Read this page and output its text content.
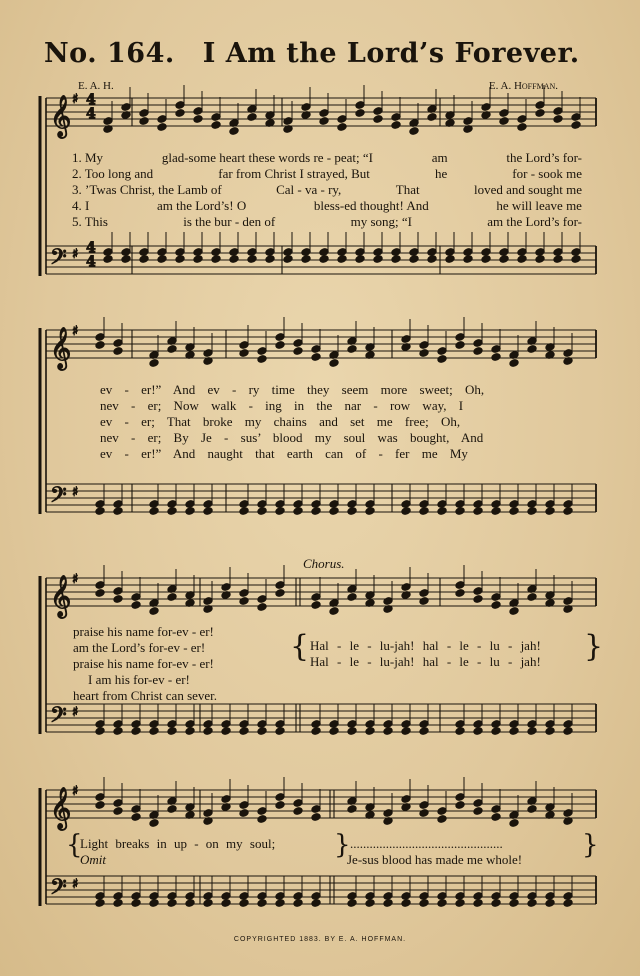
𝄞
𝄢
♯
♯
𝄞
𝄢
♯
♯
𝄞
𝄢
♯
♯
𝄞
𝄢
♯
♯
4
4
4
4
No. 164. I Am the Lord’s Forever.
E. A. H.	E. A. Hoffman.
1. My	glad-some heart these words re - peat; “I	am	the Lord’s for-
2. Too long and	far from Christ I strayed, But	he	for - sook me
3. ’Twas Christ, the Lamb of	Cal - va - ry,	That	loved and sought me
4. I	am the Lord’s! O	bless-ed thought! And	he will leave me
5. This	is the bur - den of	my song; “I	am the Lord’s for-
ev - er!” And ev - ry time they seem more sweet; Oh,
nev - er; Now walk - ing in the nar - row way, I
ev - er; That broke my chains and set me free; Oh,
nev - er; By Je - sus’ blood my soul was bought, And
ev - er!” And naught that earth can of - fer me My
Chorus.
praise his name for-ev - er!
am the Lord’s for-ev - er!
praise his name for-ev - er!
I am his for-ev - er!
heart from Christ can sever.
{ Hal - le - lu-jah! hal - le - lu - jah!
Hal - le - lu-jah! hal - le - lu - jah! }
{
Light breaks in up - on my soul;
Omit	} ...............................................
Je-sus blood has made me whole! }
COPYRIGHTED 1883. BY E. A. HOFFMAN.
